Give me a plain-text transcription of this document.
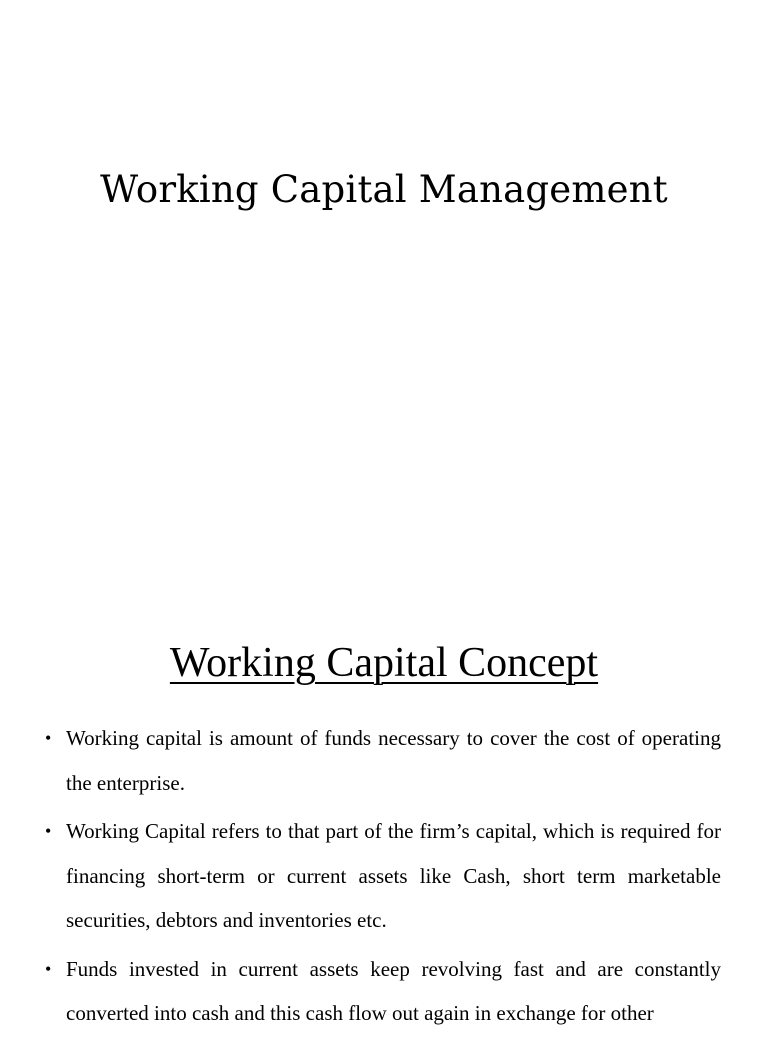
Working Capital Management
Working Capital Concept
• Working capital is amount of funds necessary to cover the cost of operating the enterprise.
• Working Capital refers to that part of the firm’s capital, which is required for financing short-term or current assets like Cash, short term marketable securities, debtors and inventories etc.
• Funds invested in current assets keep revolving fast and are constantly converted into cash and this cash flow out again in exchange for other
